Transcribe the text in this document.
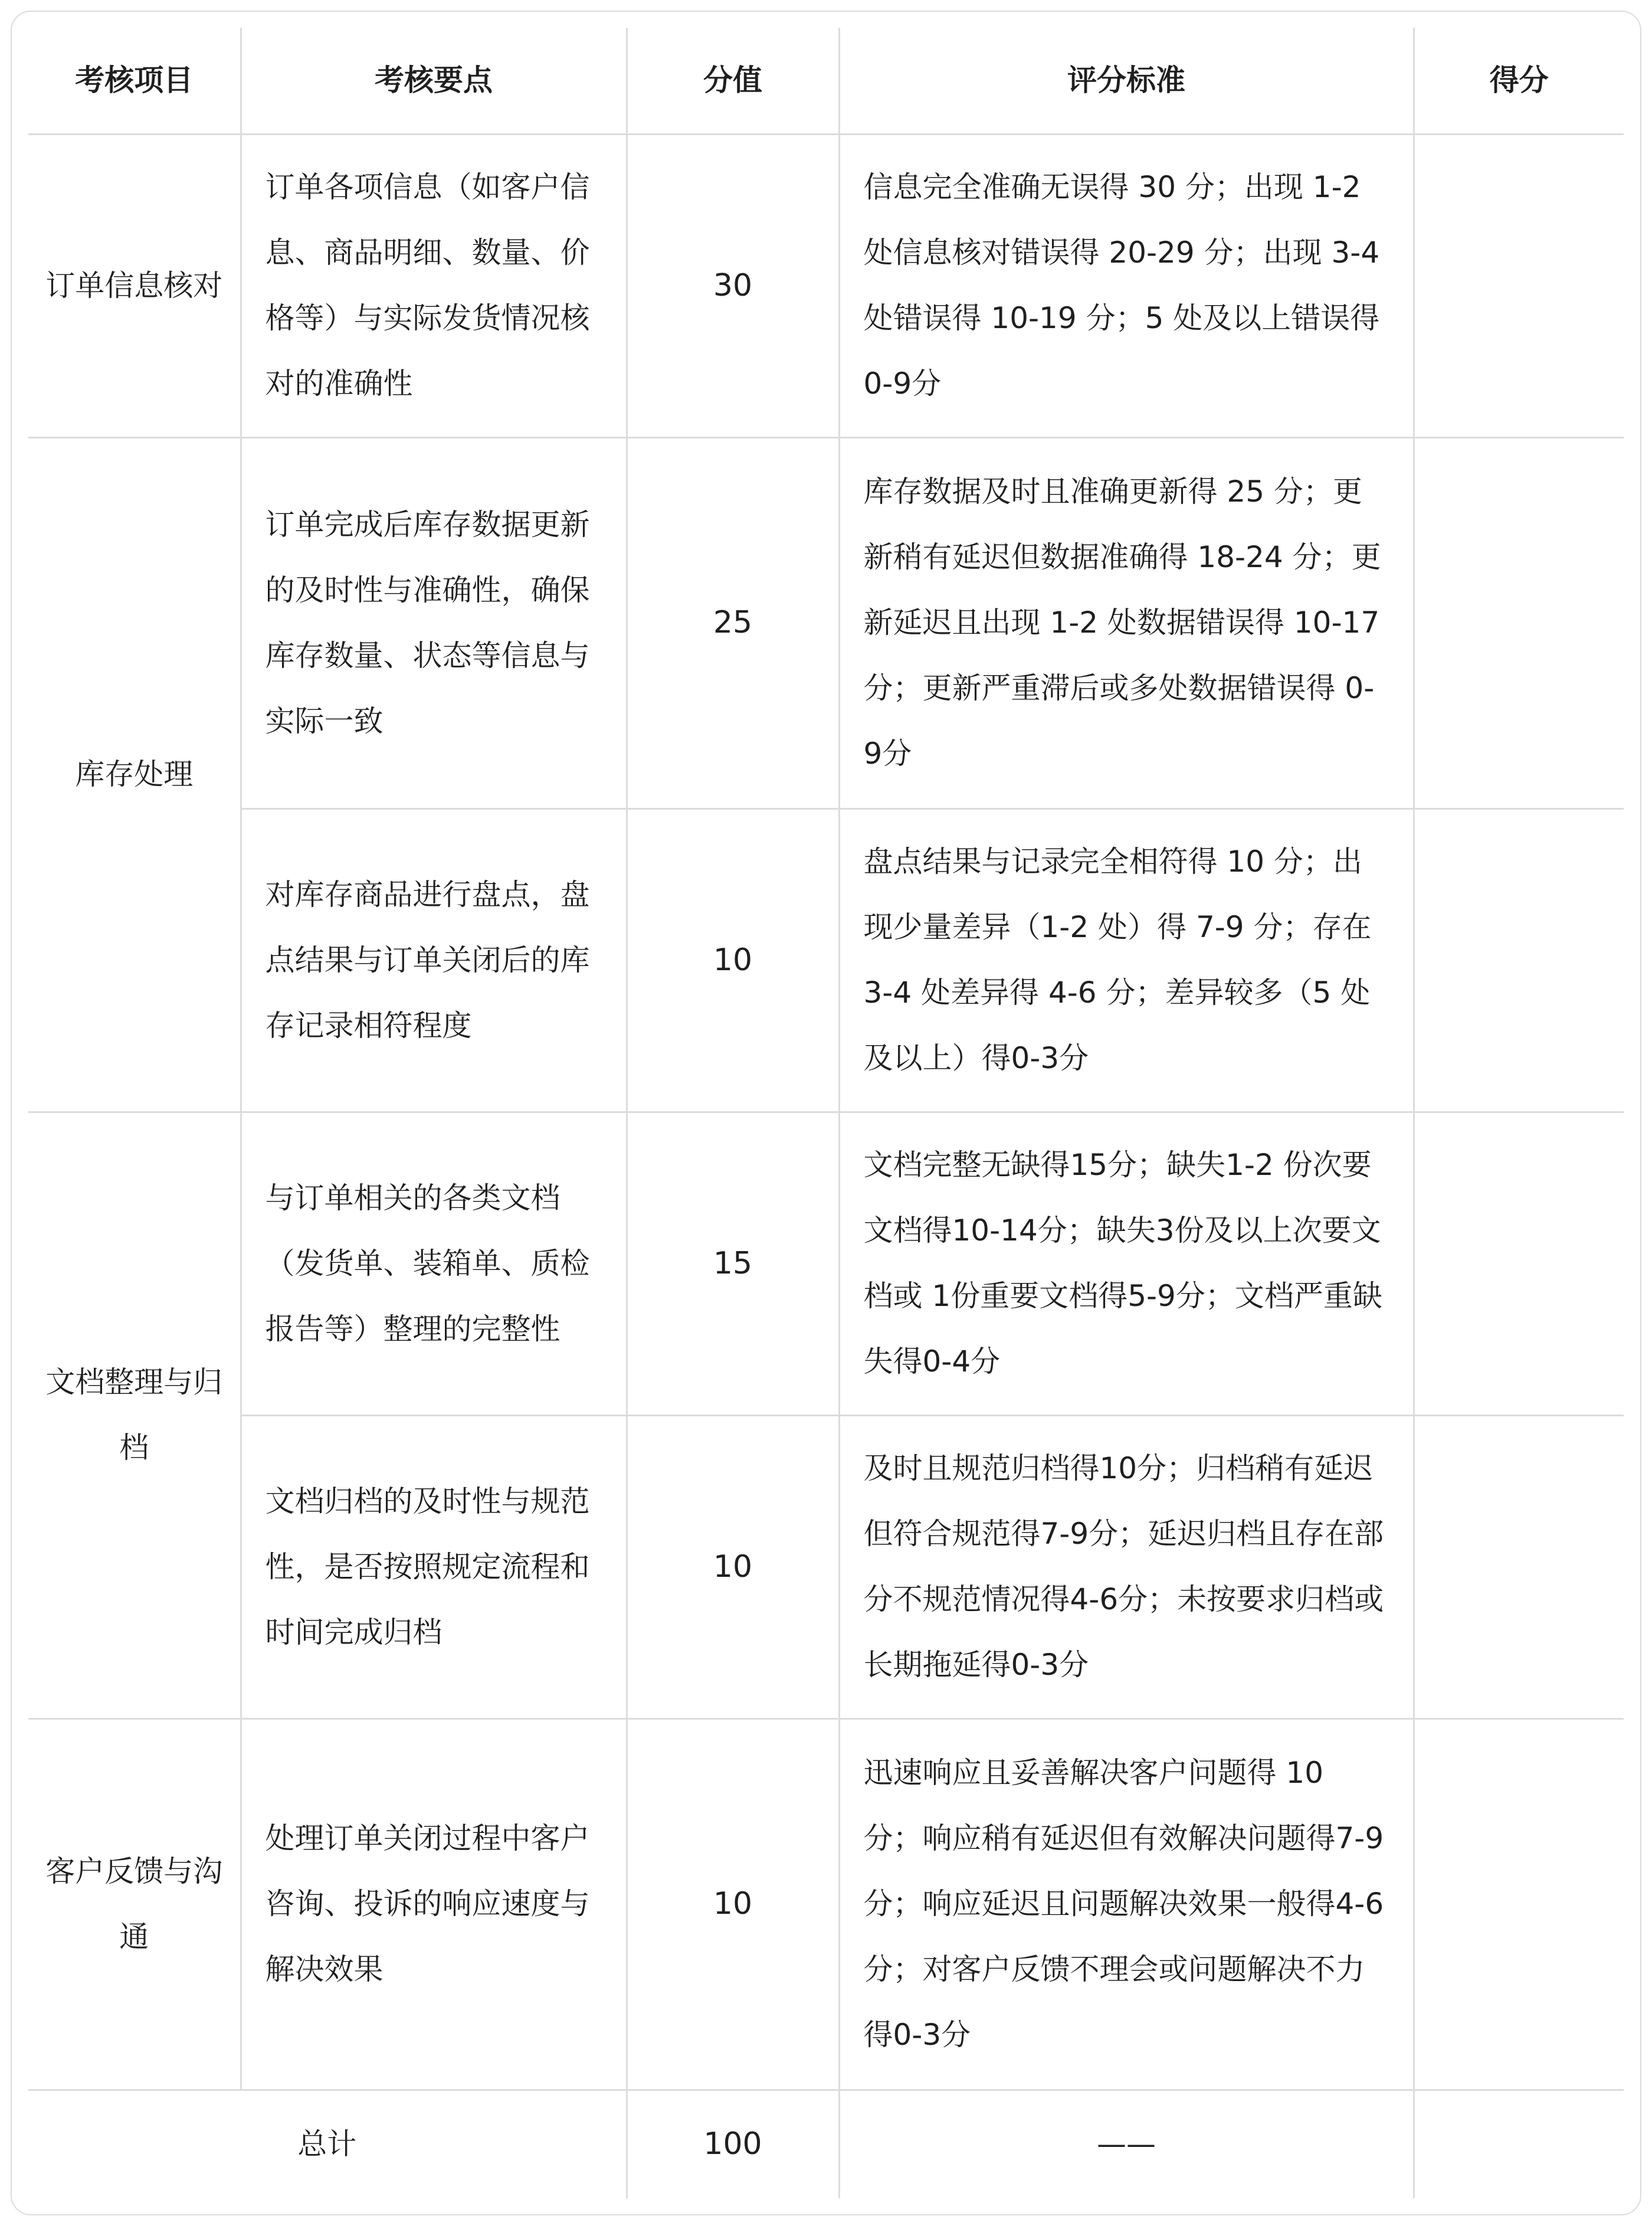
考核项目	考核要点	分值	评分标准	得分
订单信息核对	订单各项信息（如客户信息、商品明细、数量、价格等）与实际发货情况核对的准确性	30	信息完全准确无误得 30 分；出现 1-2 处信息核对错误得 20-29 分；出现 3-4 处错误得 10-19 分；5 处及以上错误得 0-9分	
库存处理	订单完成后库存数据更新的及时性与准确性，确保库存数量、状态等信息与实际一致	25	库存数据及时且准确更新得 25 分；更新稍有延迟但数据准确得 18-24 分；更新延迟且出现 1-2 处数据错误得 10-17 分；更新严重滞后或多处数据错误得 0-9分	
	对库存商品进行盘点，盘点结果与订单关闭后的库存记录相符程度	10	盘点结果与记录完全相符得 10 分；出现少量差异（1-2 处）得 7-9 分；存在 3-4 处差异得 4-6 分；差异较多（5 处及以上）得0-3分	
文档整理与归档	与订单相关的各类文档（发货单、装箱单、质检报告等）整理的完整性	15	文档完整无缺得15分；缺失1-2 份次要文档得10-14分；缺失3份及以上次要文档或 1份重要文档得5-9分；文档严重缺失得0-4分	
	文档归档的及时性与规范性，是否按照规定流程和时间完成归档	10	及时且规范归档得10分；归档稍有延迟但符合规范得7-9分；延迟归档且存在部分不规范情况得4-6分；未按要求归档或长期拖延得0-3分	
客户反馈与沟通	处理订单关闭过程中客户咨询、投诉的响应速度与解决效果	10	迅速响应且妥善解决客户问题得 10 分；响应稍有延迟但有效解决问题得7-9分；响应延迟且问题解决效果一般得4-6分；对客户反馈不理会或问题解决不力得0-3分	
总计		100	——	
